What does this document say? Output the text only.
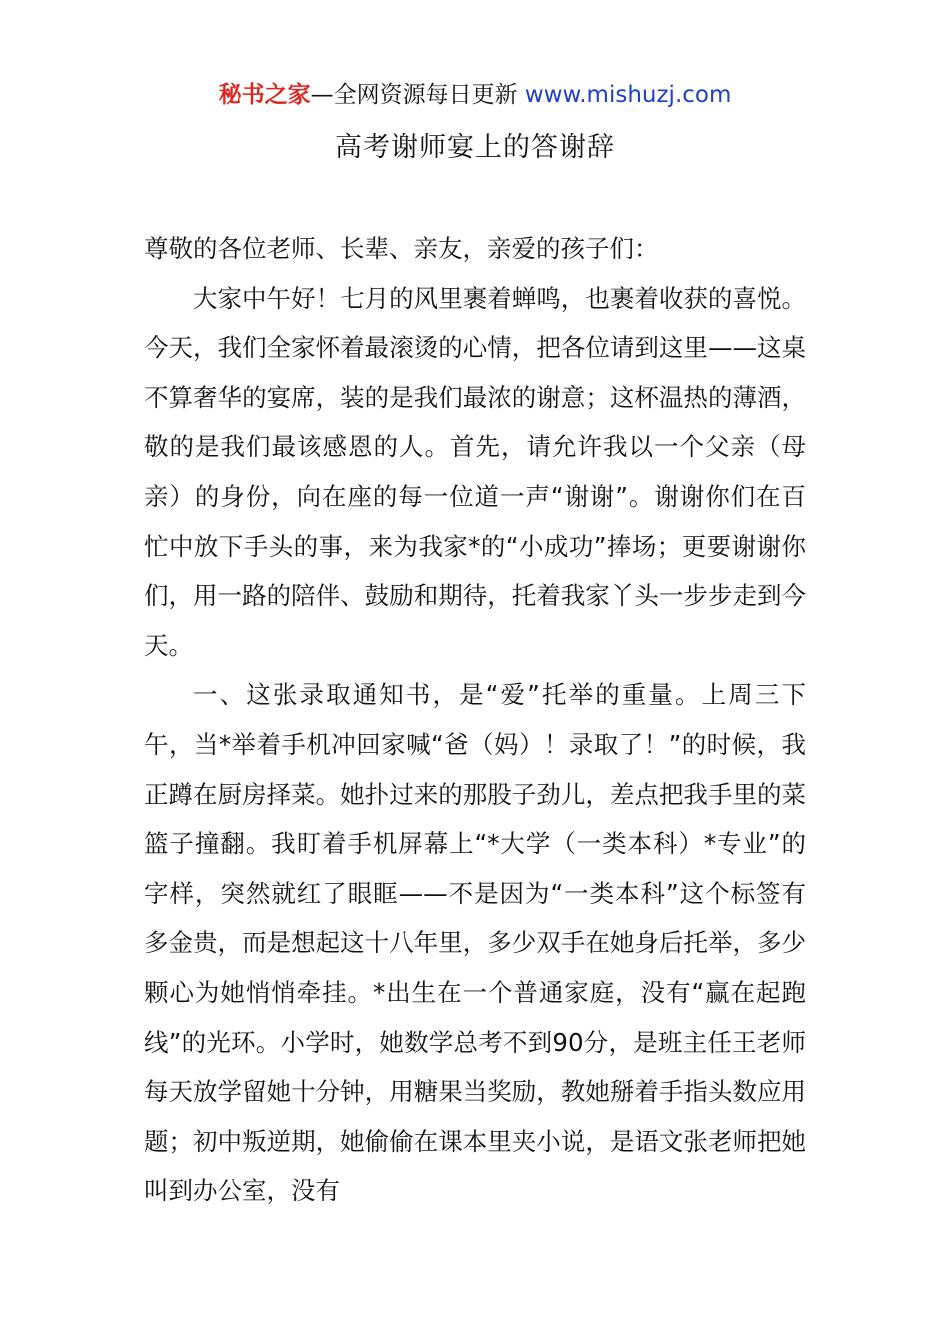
秘书之家—全网资源每日更新 www.mishuzj.com
高考谢师宴上的答谢辞

尊敬的各位老师、长辈、亲友，亲爱的孩子们：

大家中午好！七月的风里裹着蝉鸣，也裹着收获的喜悦。今天，我们全家怀着最滚烫的心情，把各位请到这里——这桌不算奢华的宴席，装的是我们最浓的谢意；这杯温热的薄酒，敬的是我们最该感恩的人。首先，请允许我以一个父亲（母亲）的身份，向在座的每一位道一声“谢谢”。谢谢你们在百忙中放下手头的事，来为我家*的“小成功”捧场；更要谢谢你们，用一路的陪伴、鼓励和期待，托着我家丫头一步步走到今天。

一、这张录取通知书，是“爱”托举的重量。上周三下午，当*举着手机冲回家喊“爸（妈）！录取了！”的时候，我正蹲在厨房择菜。她扑过来的那股子劲儿，差点把我手里的菜篮子撞翻。我盯着手机屏幕上“*大学（一类本科）*专业”的字样，突然就红了眼眶——不是因为“一类本科”这个标签有多金贵，而是想起这十八年里，多少双手在她身后托举，多少颗心为她悄悄牵挂。*出生在一个普通家庭，没有“赢在起跑线”的光环。小学时，她数学总考不到90分，是班主任王老师每天放学留她十分钟，用糖果当奖励，教她掰着手指头数应用题；初中叛逆期，她偷偷在课本里夹小说，是语文张老师把她叫到办公室，没有
